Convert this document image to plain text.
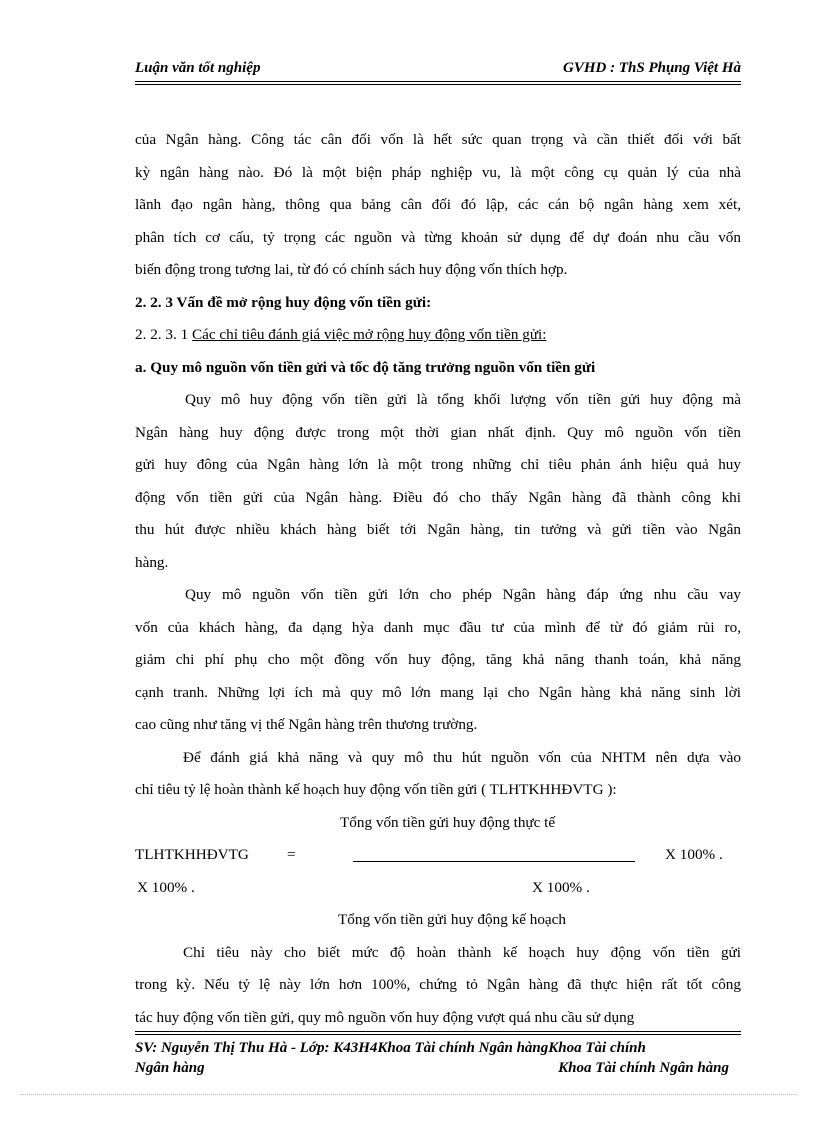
Luận văn tốt nghiệp	GVHD : ThS Phụng Việt Hà
của Ngân hàng. Công tác cân đối vốn là hết sức quan trọng và cần thiết đối với bất
kỳ ngân hàng nào. Đó là một biện pháp nghiệp vu, là một công cụ quản lý của nhà
lãnh đạo ngân hàng, thông qua bảng cân đối đó lập, các cán bộ ngân hàng xem xét,
phân tích cơ cấu, tỷ trọng các nguồn và từng khoản sử dụng để dự đoán nhu cầu vốn
biến động trong tương lai, từ đó có chính sách huy động vốn thích hợp.
2. 2. 3 Vấn đề mở rộng huy động vốn tiền gửi:
2. 2. 3. 1 Các chỉ tiêu đánh giá việc mở rộng huy động vốn tiền gửi:
a. Quy mô nguồn vốn tiền gửi và tốc độ tăng trưởng nguồn vốn tiền gửi
Quy mô huy động vốn tiền gửi là tổng khối lượng vốn tiền gửi huy động mà
Ngân hàng huy động được trong một thời gian nhất định. Quy mô nguồn vốn tiền
gửi huy đông của Ngân hàng lớn là một trong những chỉ tiêu phản ánh hiệu quả huy
động vốn tiền gửi của Ngân hàng. Điều đó cho thấy Ngân hàng đã thành công khi
thu hút được nhiều khách hàng biết tới Ngân hàng, tin tưởng và gửi tiền vào Ngân
hàng.
Quy mô nguồn vốn tiền gửi lớn cho phép Ngân hàng đáp ứng nhu cầu vay
vốn của khách hàng, đa dạng hỳa danh mục đầu tư của mình để từ đó giảm rủi ro,
giảm chi phí phụ cho một đồng vốn huy động, tăng khả năng thanh toán, khả năng
cạnh tranh. Những lợi ích mà quy mô lớn mang lại cho Ngân hàng khả năng sinh lời
cao cũng như tăng vị thế Ngân hàng trên thương trường.
Để đánh giá khả năng và quy mô thu hút nguồn vốn của NHTM nên dựa vào
chỉ tiêu tỷ lệ hoàn thành kế hoạch huy động vốn tiền gửi ( TLHTKHHĐVTG ):
Tổng vốn tiền gửi huy động thực tế
TLHTKHHĐVTG	=	X 100% .
X 100% .	X 100% .
Tổng vốn tiền gửi huy động kế hoạch
Chỉ tiêu này cho biết mức độ hoàn thành kế hoạch huy động vốn tiền gửi
trong kỳ. Nếu tỷ lệ này lớn hơn 100%, chứng tỏ Ngân hàng đã thực hiện rất tốt công
tác huy động vốn tiền gửi, quy mô nguồn vốn huy động vượt quá nhu cầu sử dụng
SV: Nguyễn Thị Thu Hà - Lớp: K43H4Khoa Tài chính Ngân hàngKhoa Tài chính
Ngân hàng	Khoa Tài chính Ngân hàng
